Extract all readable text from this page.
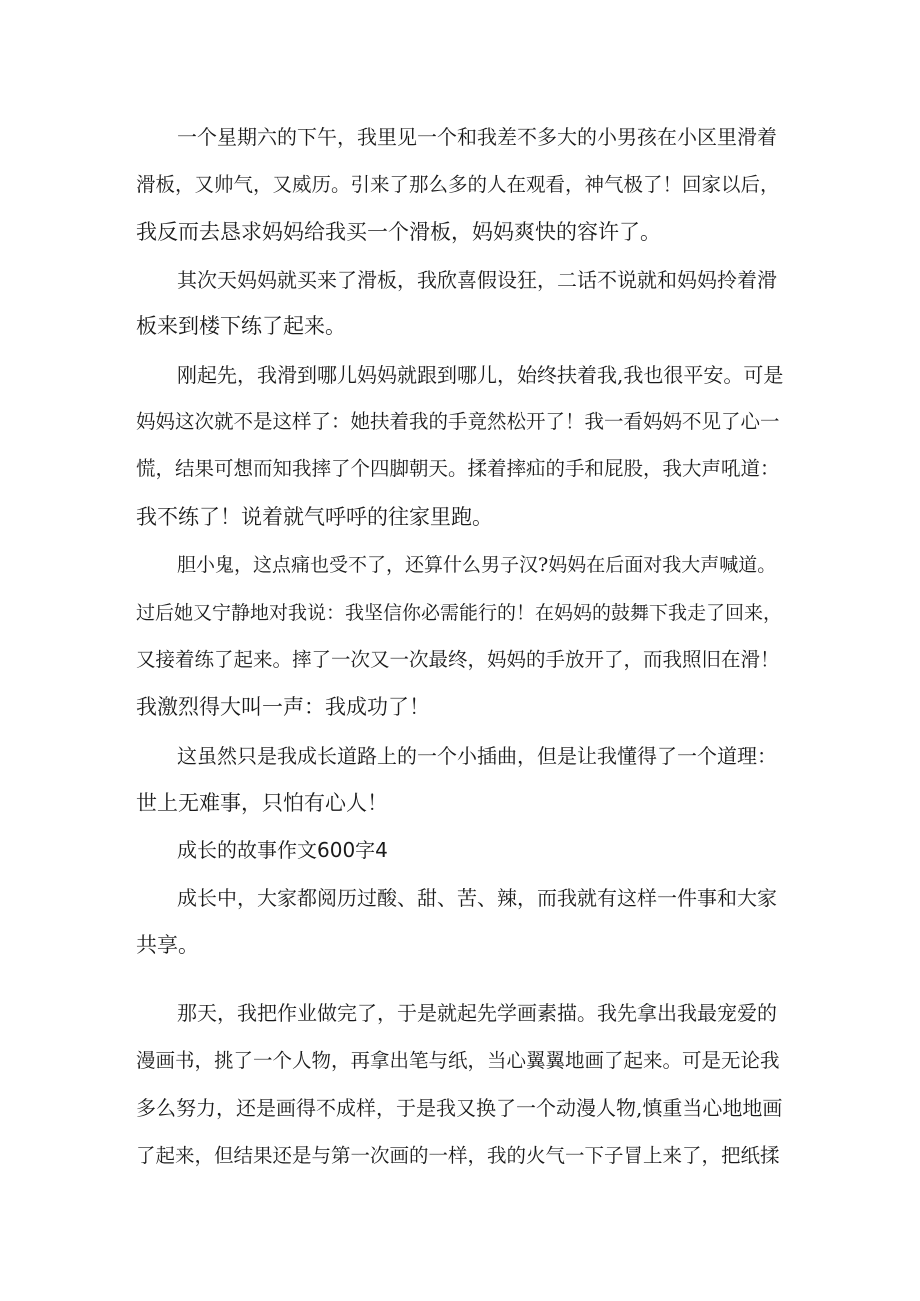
一个星期六的下午，我里见一个和我差不多大的小男孩在小区里滑着
滑板，又帅气，又威历。引来了那么多的人在观看，神气极了！回家以后，
我反而去恳求妈妈给我买一个滑板，妈妈爽快的容许了。
其次天妈妈就买来了滑板，我欣喜假设狂，二话不说就和妈妈拎着滑
板来到楼下练了起来。
刚起先，我滑到哪儿妈妈就跟到哪儿，始终扶着我,我也很平安。可是
妈妈这次就不是这样了：她扶着我的手竟然松开了！我一看妈妈不见了心一
慌，结果可想而知我摔了个四脚朝天。揉着摔疝的手和屁股，我大声吼道：
我不练了！说着就气呼呼的往家里跑。
胆小鬼，这点痛也受不了，还算什么男子汉?妈妈在后面对我大声喊道。
过后她又宁静地对我说：我坚信你必需能行的！在妈妈的鼓舞下我走了回来，
又接着练了起来。摔了一次又一次最终，妈妈的手放开了，而我照旧在滑！
我激烈得大叫一声：我成功了！
这虽然只是我成长道路上的一个小插曲，但是让我懂得了一个道理：
世上无难事，只怕有心人！
成长的故事作文600字4
成长中，大家都阅历过酸、甜、苦、辣，而我就有这样一件事和大家
共享。
那天，我把作业做完了，于是就起先学画素描。我先拿出我最宠爱的
漫画书，挑了一个人物，再拿出笔与纸，当心翼翼地画了起来。可是无论我
多么努力，还是画得不成样，于是我又换了一个动漫人物,慎重当心地地画
了起来，但结果还是与第一次画的一样，我的火气一下子冒上来了，把纸揉
